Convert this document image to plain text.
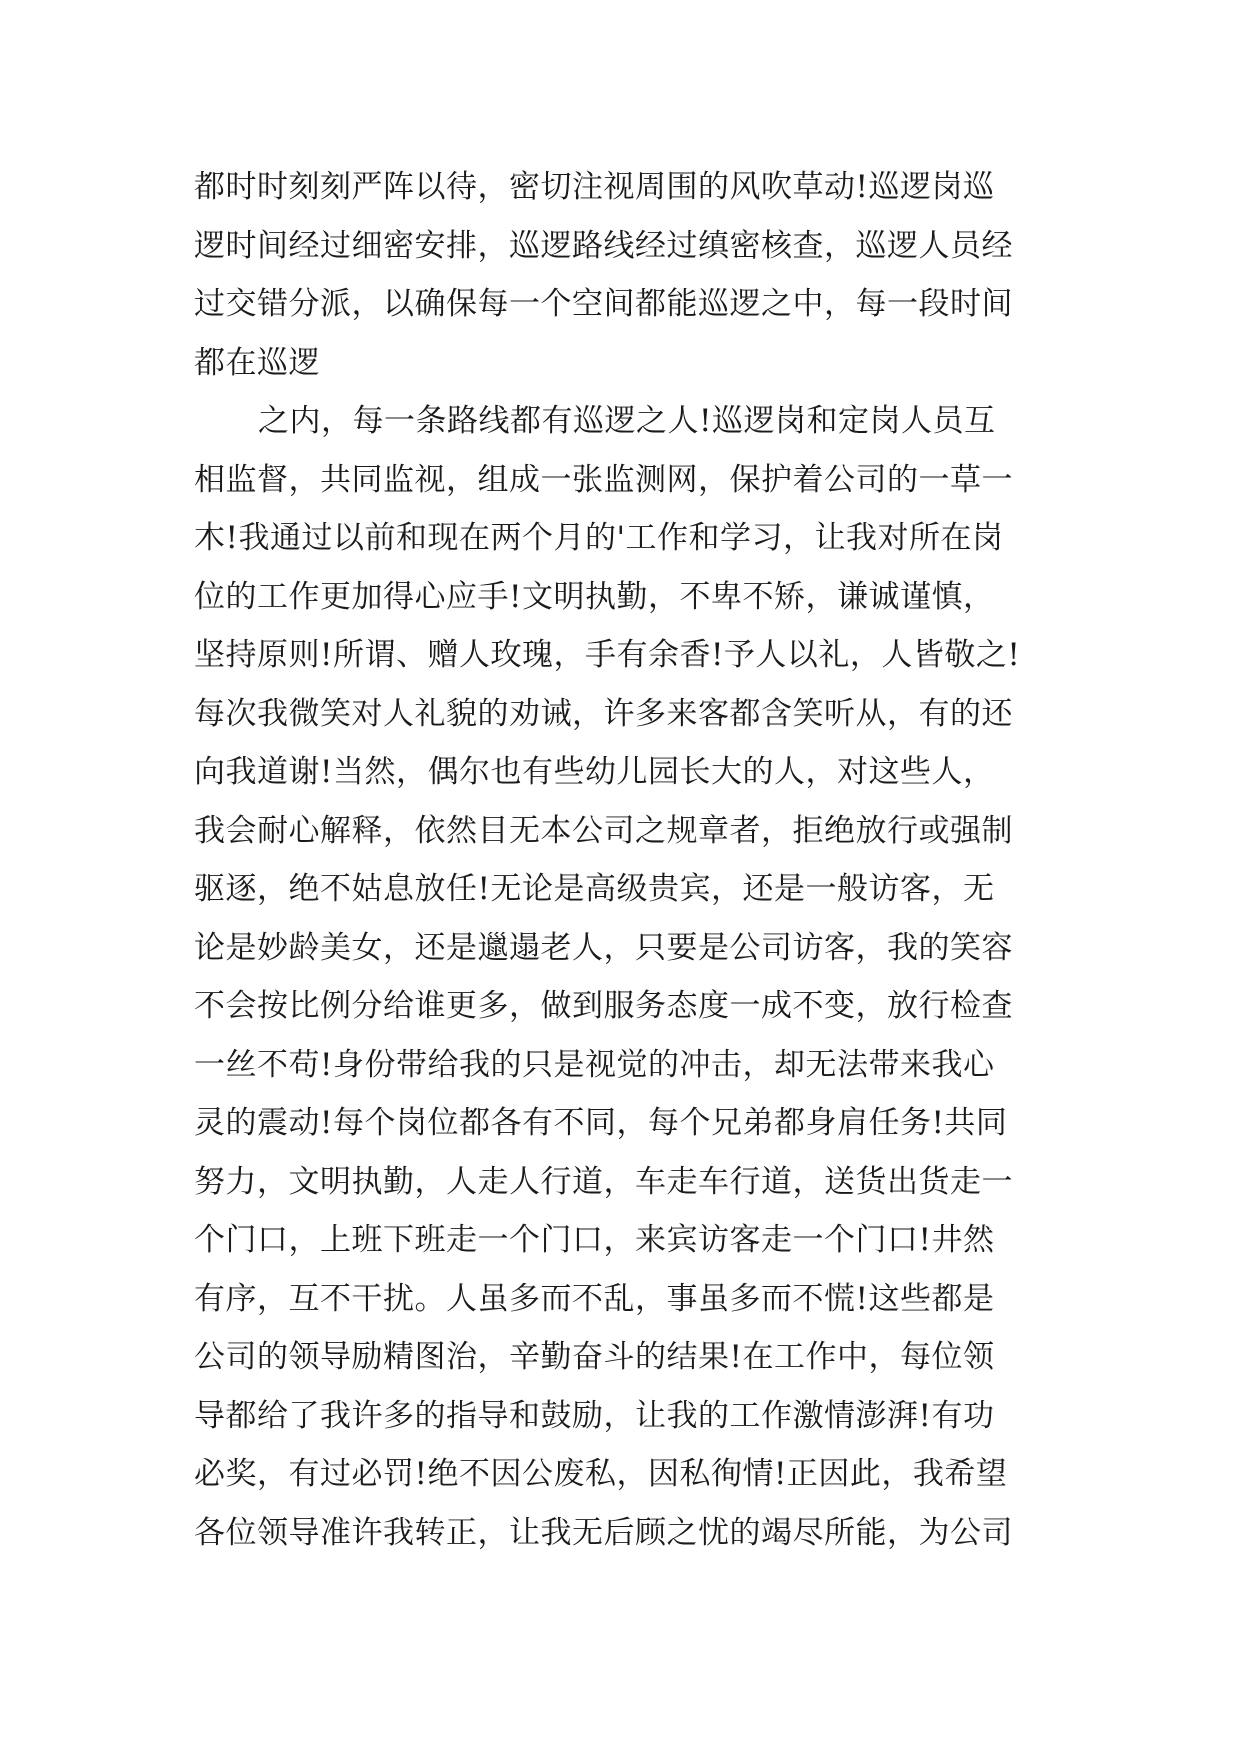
都时时刻刻严阵以待，密切注视周围的风吹草动!巡逻岗巡
逻时间经过细密安排，巡逻路线经过缜密核查，巡逻人员经
过交错分派，以确保每一个空间都能巡逻之中，每一段时间
都在巡逻
之内，每一条路线都有巡逻之人!巡逻岗和定岗人员互
相监督，共同监视，组成一张监测网，保护着公司的一草一
木!我通过以前和现在两个月的'工作和学习，让我对所在岗
位的工作更加得心应手!文明执勤，不卑不矫，谦诚谨慎，
坚持原则!所谓、赠人玫瑰，手有余香!予人以礼，人皆敬之!
每次我微笑对人礼貌的劝诫，许多来客都含笑听从，有的还
向我道谢!当然，偶尔也有些幼儿园长大的人，对这些人，
我会耐心解释，依然目无本公司之规章者，拒绝放行或强制
驱逐，绝不姑息放任!无论是高级贵宾，还是一般访客，无
论是妙龄美女，还是邋遢老人，只要是公司访客，我的笑容
不会按比例分给谁更多，做到服务态度一成不变，放行检查
一丝不苟!身份带给我的只是视觉的冲击，却无法带来我心
灵的震动!每个岗位都各有不同，每个兄弟都身肩任务!共同
努力，文明执勤，人走人行道，车走车行道，送货出货走一
个门口，上班下班走一个门口，来宾访客走一个门口!井然
有序，互不干扰。人虽多而不乱，事虽多而不慌!这些都是
公司的领导励精图治，辛勤奋斗的结果!在工作中，每位领
导都给了我许多的指导和鼓励，让我的工作激情澎湃!有功
必奖，有过必罚!绝不因公废私，因私徇情!正因此，我希望
各位领导准许我转正，让我无后顾之忧的竭尽所能，为公司
